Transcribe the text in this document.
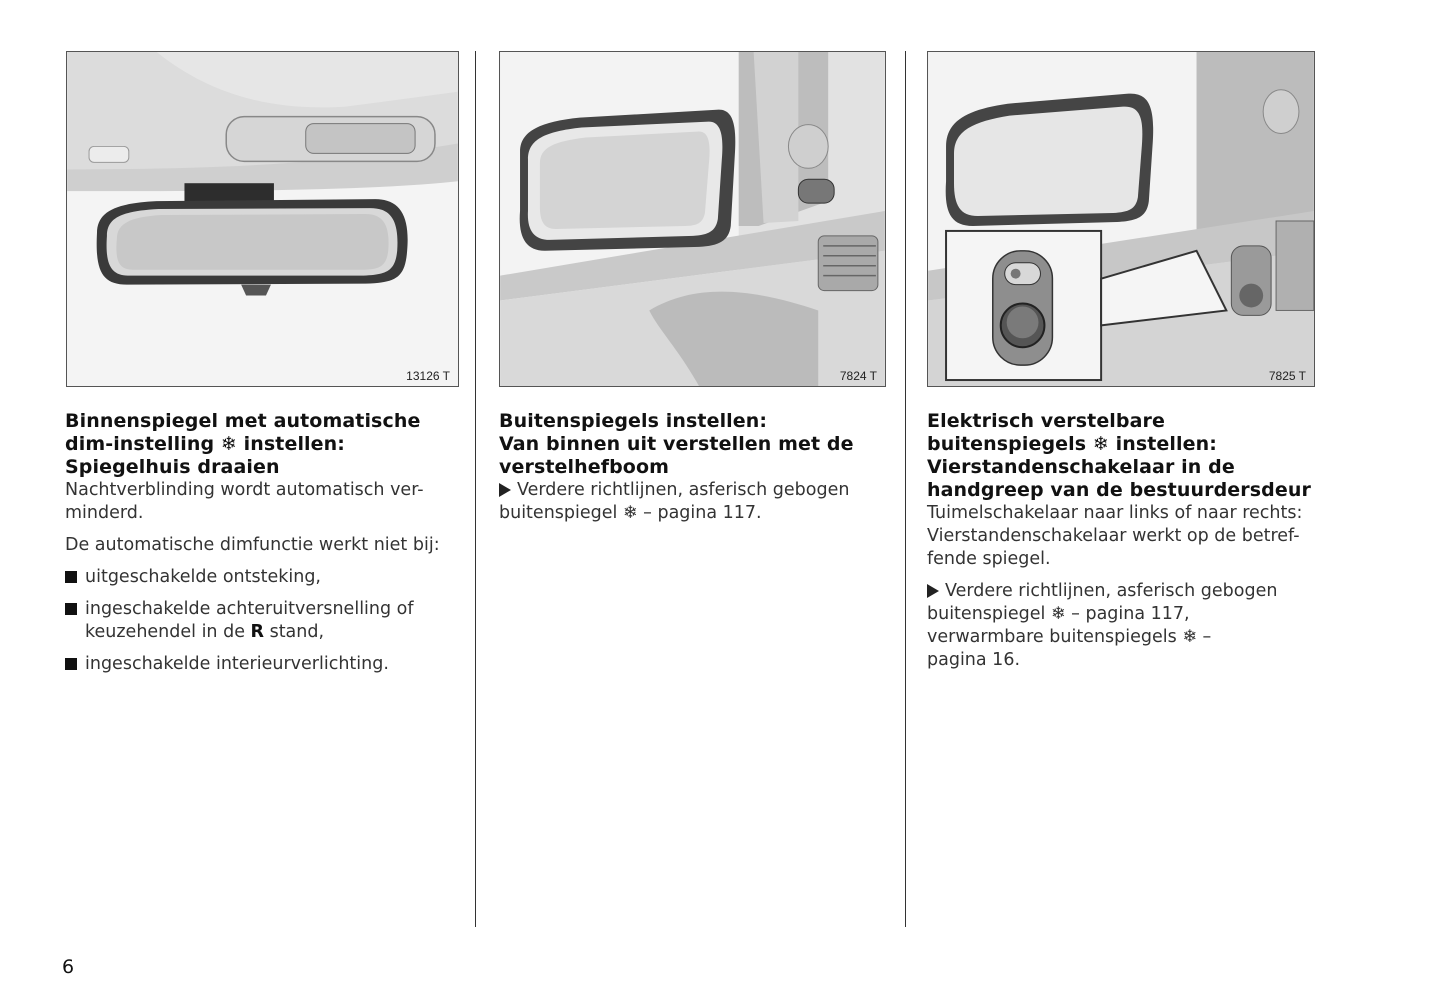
13126 T	7824 T	7825 T
Binnenspiegel met automatische
dim-instelling ❄ instellen:
Spiegelhuis draaien

Nachtverblinding wordt automatisch ver-
minderd.

De automatische dimfunctie werkt niet bij:

uitgeschakelde ontsteking,
ingeschakelde achteruitversnelling of
keuzehendel in de R stand,
ingeschakelde interieurverlichting.
Buitenspiegels instellen:
Van binnen uit verstellen met de
verstelhefboom

Verdere richtlijnen, asferisch gebogen
buitenspiegel ❄ – pagina 117.

Elektrisch verstelbare
buitenspiegels ❄ instellen:
Vierstandenschakelaar in de
handgreep van de bestuurdersdeur

Tuimelschakelaar naar links of naar rechts:
Vierstandenschakelaar werkt op de betref-
fende spiegel.

Verdere richtlijnen, asferisch gebogen
buitenspiegel ❄ – pagina 117,
verwarmbare buitenspiegels ❄ –
pagina 16.

6
